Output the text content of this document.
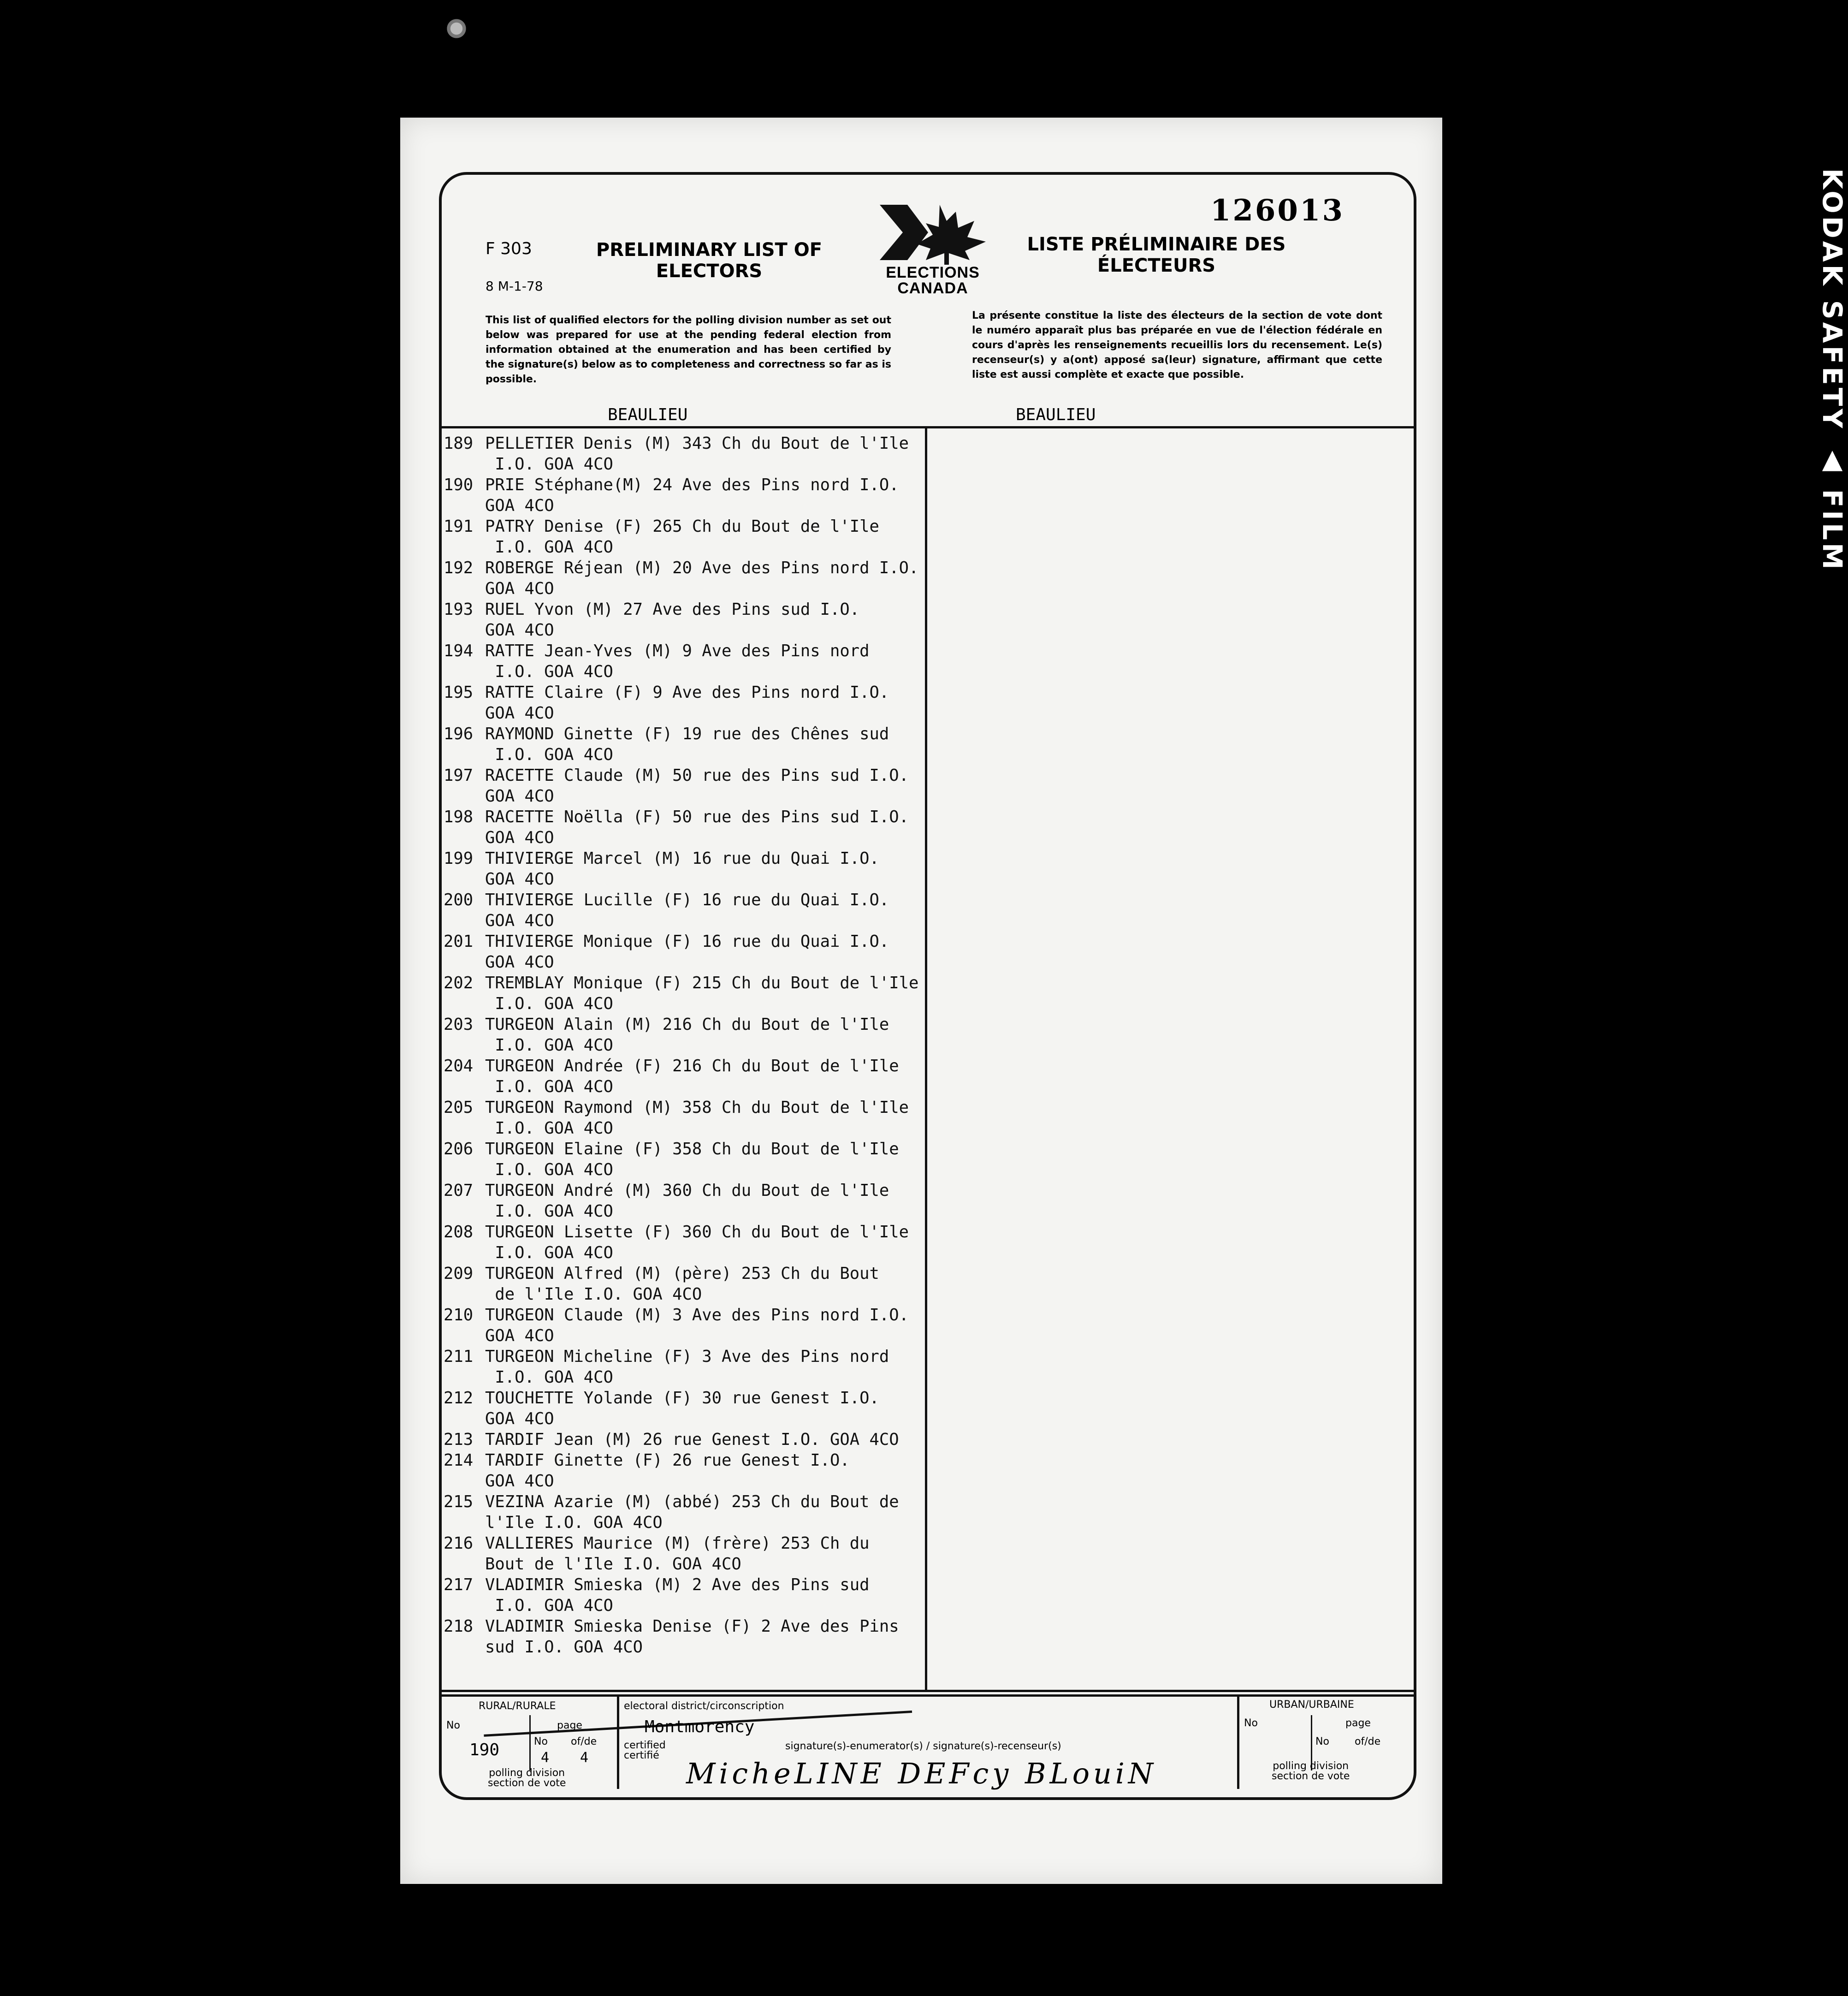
KODAK SAFETY ▲ FILM
126013
F 303
8 M-1-78
PRELIMINARY LIST OF ELECTORS	ELECTIONS
CANADA
LISTE PRÉLIMINAIRE DES ÉLECTEURS
This list of qualified electors for the polling division number as set out below was prepared for use at the pending federal election from information obtained at the enumeration and has been certified by the signature(s) below as to completeness and correctness so far as is possible.
La présente constitue la liste des électeurs de la section de vote dont le numéro apparaît plus bas préparée en vue de l'élection fédérale en cours d'après les renseignements recueillis lors du recensement. Le(s) recenseur(s) y a(ont) apposé sa(leur) signature, affirmant que cette liste est aussi complète et exacte que possible.
BEAULIEU	BEAULIEU
189 PELLETIER Denis (M) 343 Ch du Bout de l'Ile
I.O. GOA 4CO
190 PRIE Stéphane(M) 24 Ave des Pins nord I.O.
GOA 4CO
191 PATRY Denise (F) 265 Ch du Bout de l'Ile
I.O. GOA 4CO
192 ROBERGE Réjean (M) 20 Ave des Pins nord I.O.
GOA 4CO
193 RUEL Yvon (M) 27 Ave des Pins sud I.O.
GOA 4CO
194 RATTE Jean-Yves (M) 9 Ave des Pins nord
I.O. GOA 4CO
195 RATTE Claire (F) 9 Ave des Pins nord I.O.
GOA 4CO
196 RAYMOND Ginette (F) 19 rue des Chênes sud
I.O. GOA 4CO
197 RACETTE Claude (M) 50 rue des Pins sud I.O.
GOA 4CO
198 RACETTE Noëlla (F) 50 rue des Pins sud I.O.
GOA 4CO
199 THIVIERGE Marcel (M) 16 rue du Quai I.O.
GOA 4CO
200 THIVIERGE Lucille (F) 16 rue du Quai I.O.
GOA 4CO
201 THIVIERGE Monique (F) 16 rue du Quai I.O.
GOA 4CO
202 TREMBLAY Monique (F) 215 Ch du Bout de l'Ile
I.O. GOA 4CO
203 TURGEON Alain (M) 216 Ch du Bout de l'Ile
I.O. GOA 4CO
204 TURGEON Andrée (F) 216 Ch du Bout de l'Ile
I.O. GOA 4CO
205 TURGEON Raymond (M) 358 Ch du Bout de l'Ile
I.O. GOA 4CO
206 TURGEON Elaine (F) 358 Ch du Bout de l'Ile
I.O. GOA 4CO
207 TURGEON André (M) 360 Ch du Bout de l'Ile
I.O. GOA 4CO
208 TURGEON Lisette (F) 360 Ch du Bout de l'Ile
I.O. GOA 4CO
209 TURGEON Alfred (M) (père) 253 Ch du Bout
de l'Ile I.O. GOA 4CO
210 TURGEON Claude (M) 3 Ave des Pins nord I.O.
GOA 4CO
211 TURGEON Micheline (F) 3 Ave des Pins nord
I.O. GOA 4CO
212 TOUCHETTE Yolande (F) 30 rue Genest I.O.
GOA 4CO
213 TARDIF Jean (M) 26 rue Genest I.O. GOA 4CO
214 TARDIF Ginette (F) 26 rue Genest I.O.
GOA 4CO
215 VEZINA Azarie (M) (abbé) 253 Ch du Bout de
l'Ile I.O. GOA 4CO
216 VALLIERES Maurice (M) (frère) 253 Ch du
Bout de l'Ile I.O. GOA 4CO
217 VLADIMIR Smieska (M) 2 Ave des Pins sud
I.O. GOA 4CO
218 VLADIMIR Smieska Denise (F) 2 Ave des Pins
sud I.O. GOA 4CO
RURAL/RURALE
No	page
No of/de
190	4 4
polling division
section de vote
electoral district/circonscription
Montmorency
certified
certifié
signature(s)-enumerator(s) / signature(s)-recenseur(s)
MicheLINE DEFcy BLouiN
URBAN/URBAINE
No	page
No	of/de
polling division
section de vote
